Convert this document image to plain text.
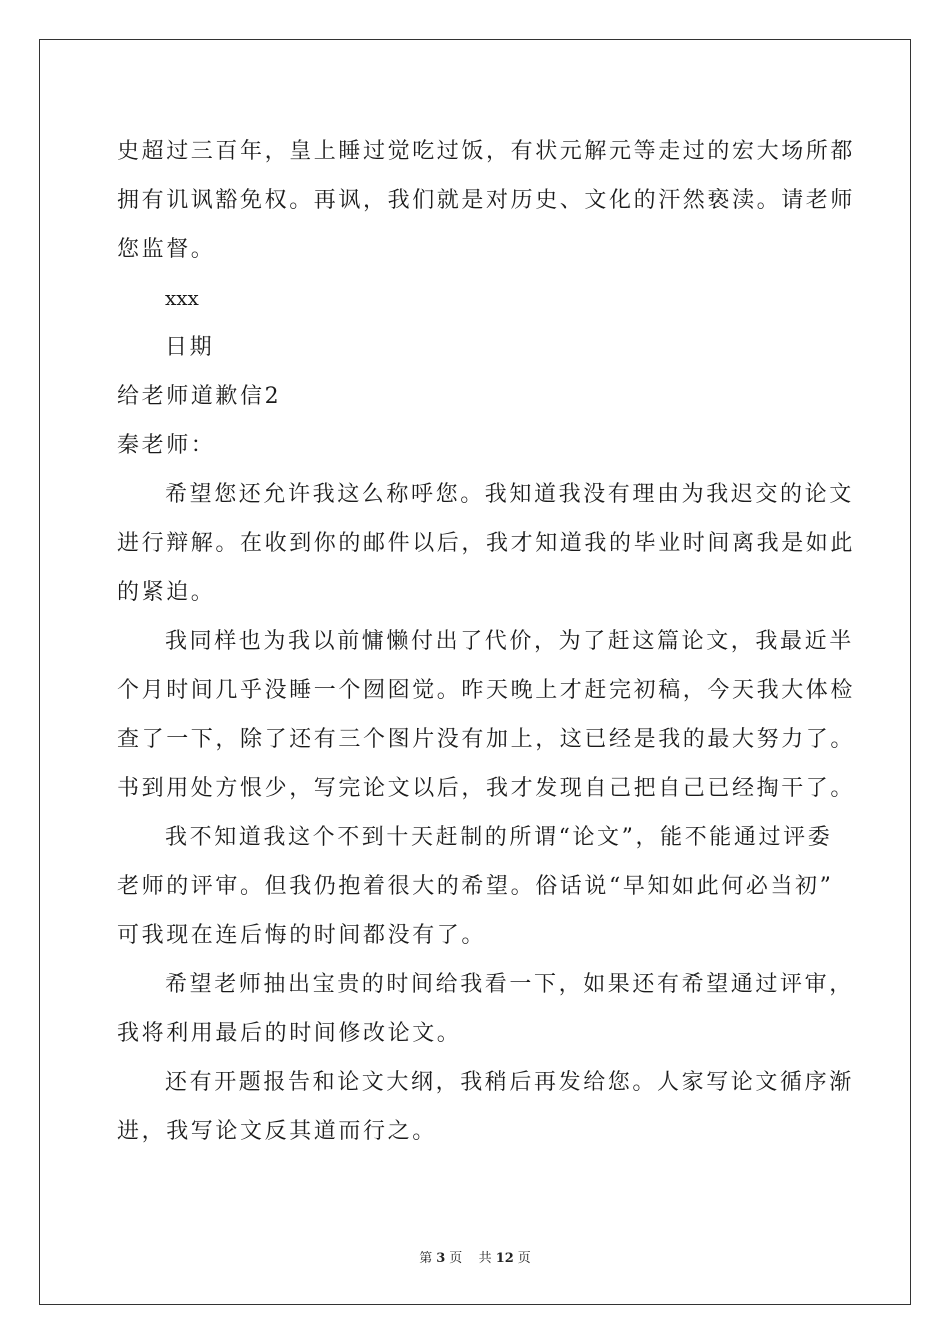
史超过三百年，皇上睡过觉吃过饭，有状元解元等走过的宏大场所都
拥有讥讽豁免权。再讽，我们就是对历史、文化的汗然亵渎。请老师
您监督。
xxx
日期
给老师道歉信2
秦老师：
希望您还允许我这么称呼您。我知道我没有理由为我迟交的论文
进行辩解。在收到你的邮件以后，我才知道我的毕业时间离我是如此
的紧迫。
我同样也为我以前慵懒付出了代价，为了赶这篇论文，我最近半
个月时间几乎没睡一个囫囵觉。昨天晚上才赶完初稿，今天我大体检
查了一下，除了还有三个图片没有加上，这已经是我的最大努力了。
书到用处方恨少，写完论文以后，我才发现自己把自己已经掏干了。
我不知道我这个不到十天赶制的所谓“论文”，能不能通过评委
老师的评审。但我仍抱着很大的希望。俗话说“早知如此何必当初”
可我现在连后悔的时间都没有了。
希望老师抽出宝贵的时间给我看一下，如果还有希望通过评审，
我将利用最后的时间修改论文。
还有开题报告和论文大纲，我稍后再发给您。人家写论文循序渐
进，我写论文反其道而行之。
第 3 页 共 12 页
